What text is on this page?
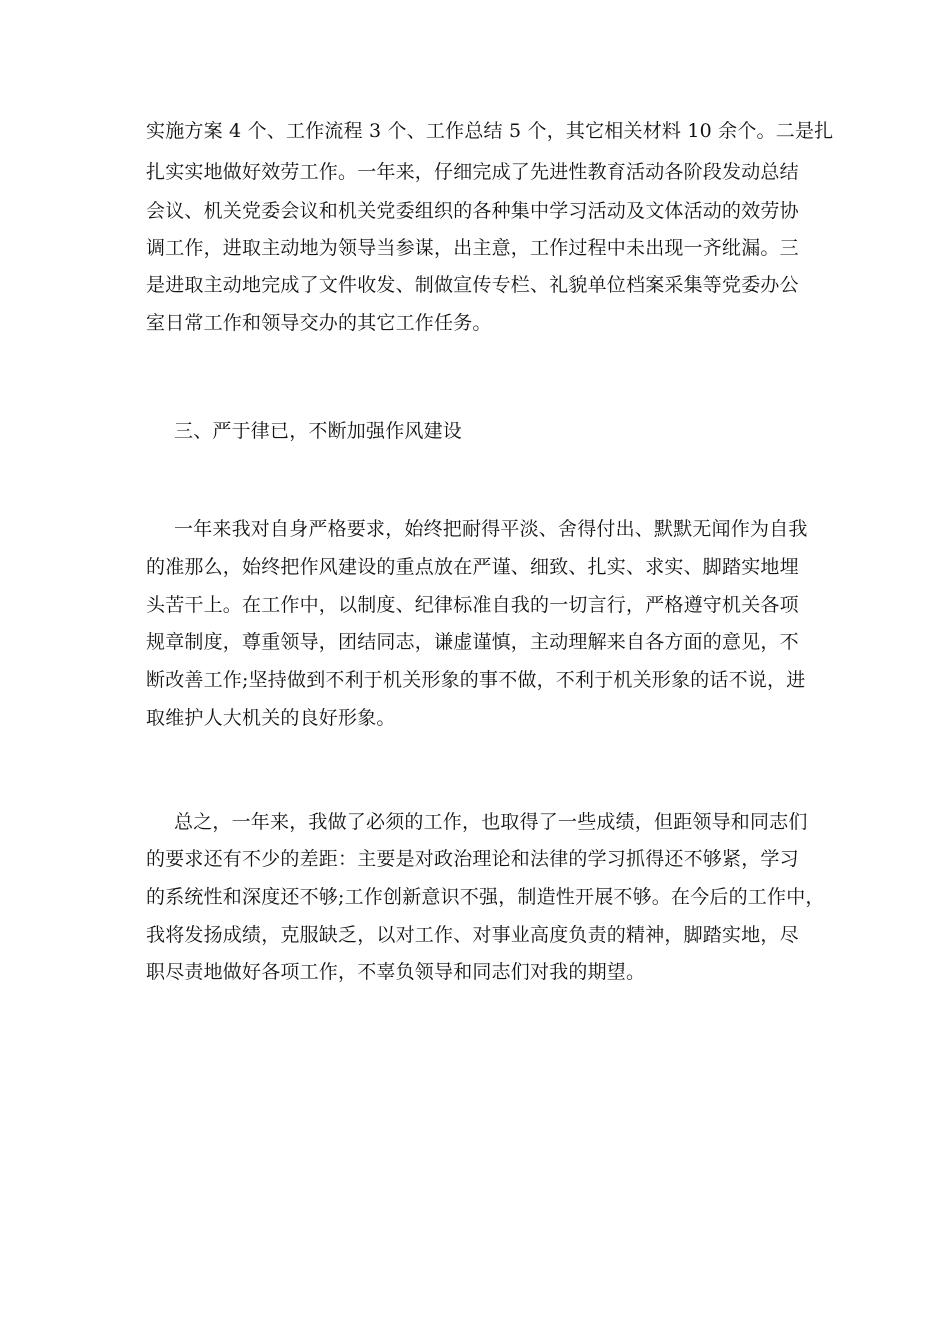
实施方案 4 个、工作流程 3 个、工作总结 5 个，其它相关材料 10 余个。二是扎
扎实实地做好效劳工作。一年来，仔细完成了先进性教育活动各阶段发动总结
会议、机关党委会议和机关党委组织的各种集中学习活动及文体活动的效劳协
调工作，进取主动地为领导当参谋，出主意，工作过程中未出现一齐纰漏。三
是进取主动地完成了文件收发、制做宣传专栏、礼貌单位档案采集等党委办公
室日常工作和领导交办的其它工作任务。
三、严于律已，不断加强作风建设
一年来我对自身严格要求，始终把耐得平淡、舍得付出、默默无闻作为自我
的准那么，始终把作风建设的重点放在严谨、细致、扎实、求实、脚踏实地埋
头苦干上。在工作中，以制度、纪律标准自我的一切言行，严格遵守机关各项
规章制度，尊重领导，团结同志，谦虚谨慎，主动理解来自各方面的意见，不
断改善工作;坚持做到不利于机关形象的事不做，不利于机关形象的话不说，进
取维护人大机关的良好形象。
总之，一年来，我做了必须的工作，也取得了一些成绩，但距领导和同志们
的要求还有不少的差距：主要是对政治理论和法律的学习抓得还不够紧，学习
的系统性和深度还不够;工作创新意识不强，制造性开展不够。在今后的工作中，
我将发扬成绩，克服缺乏，以对工作、对事业高度负责的精神，脚踏实地，尽
职尽责地做好各项工作，不辜负领导和同志们对我的期望。
